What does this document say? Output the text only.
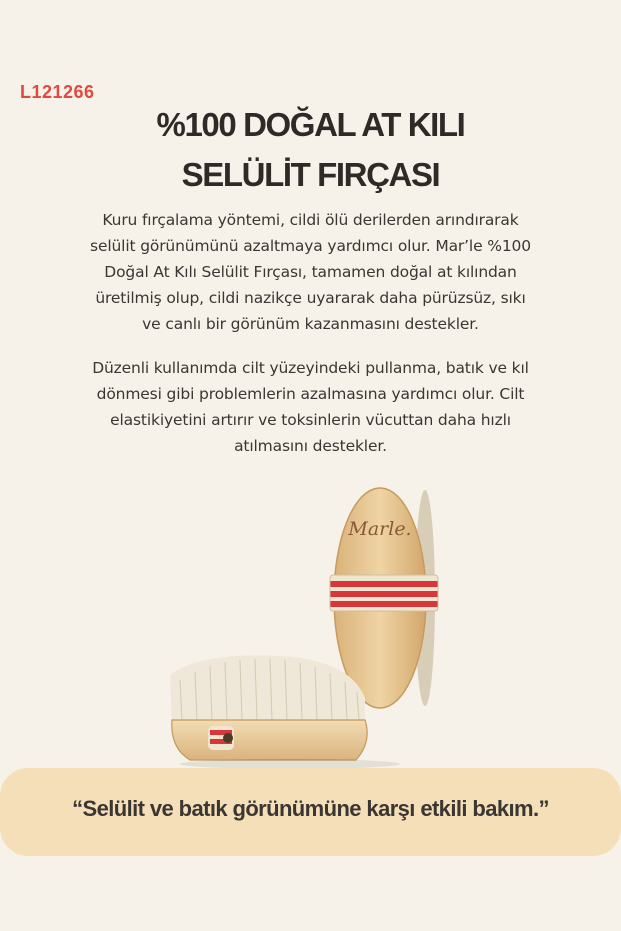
L121266
%100 DOĞAL AT KILI
SELÜLİT FIRÇASI
Kuru fırçalama yöntemi, cildi ölü derilerden arındırarak
selülit görünümünü azaltmaya yardımcı olur. Mar’le %100
Doğal At Kılı Selülit Fırçası, tamamen doğal at kılından
üretilmiş olup, cildi nazikçe uyararak daha pürüzsüz, sıkı
ve canlı bir görünüm kazanmasını destekler.
Düzenli kullanımda cilt yüzeyindeki pullanma, batık ve kıl
dönmesi gibi problemlerin azalmasına yardımcı olur. Cilt
elastikiyetini artırır ve toksinlerin vücuttan daha hızlı
atılmasını destekler.
Marle.
“Selülit ve batık görünümüne karşı etkili bakım.”
